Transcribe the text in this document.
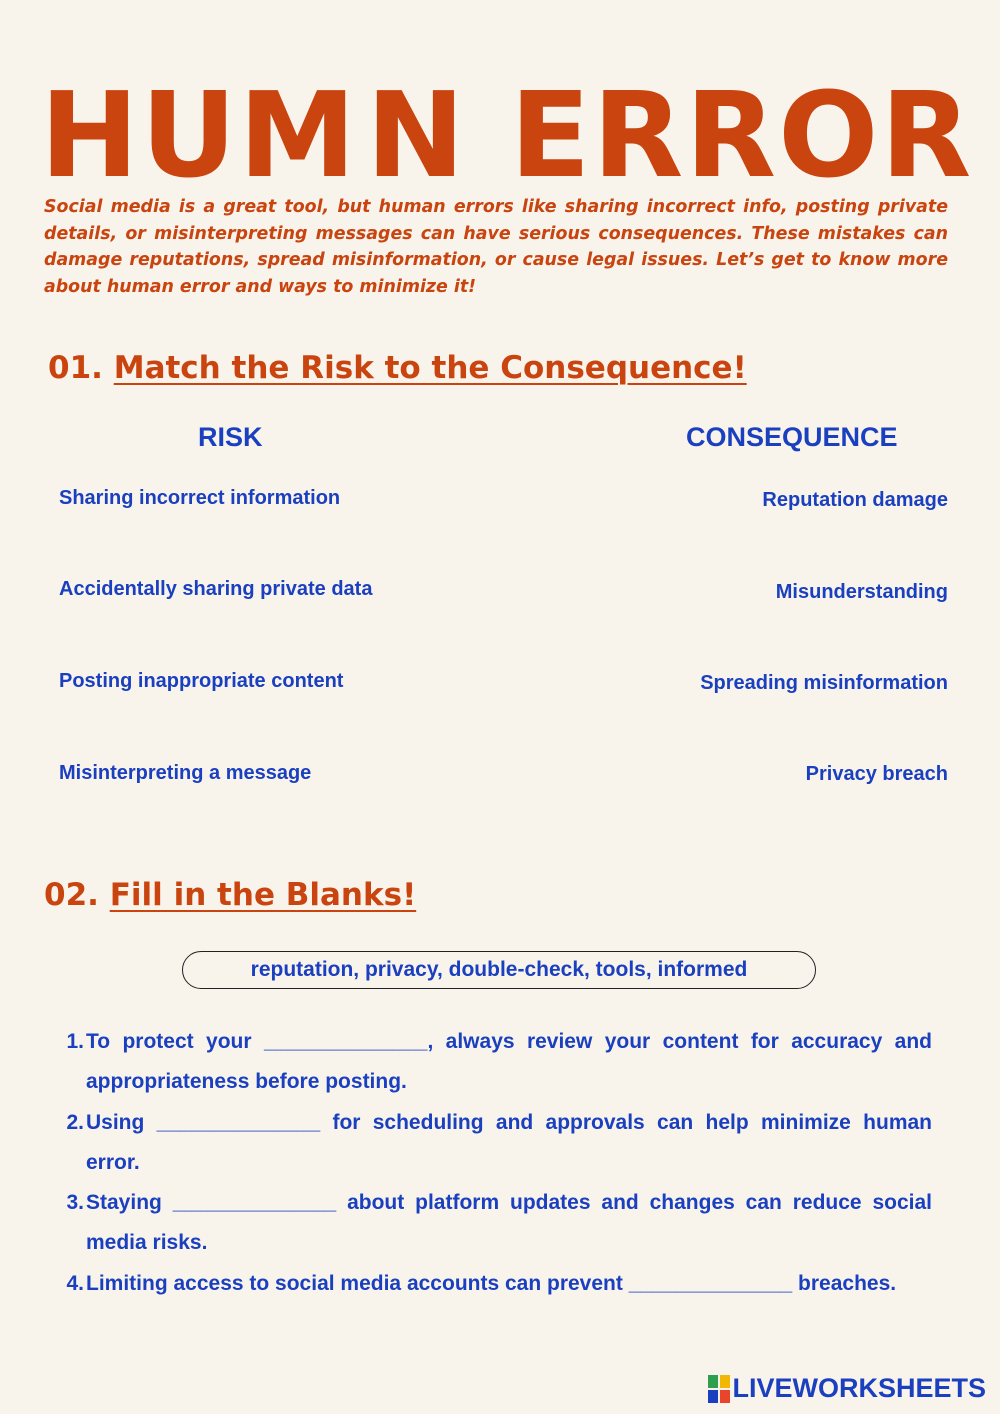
HUM N ERROR
Social media is a great tool, but human errors like sharing incorrect info, posting private details, or misinterpreting messages can have serious consequences. These mistakes can damage reputations, spread misinformation, or cause legal issues. Let’s get to know more about human error and ways to minimize it!
01. Match the Risk to the Consequence!
RISK	CONSEQUENCE
Sharing incorrect information
Accidentally sharing private data
Posting inappropriate content
Misinterpreting a message
Reputation damage
Misunderstanding
Spreading misinformation
Privacy breach
02. Fill in the Blanks!
reputation, privacy, double-check, tools, informed
1. To protect your ______________, always review your content for accuracy and appropriateness before posting.
2. Using ______________ for scheduling and approvals can help minimize human error.
3. Staying ______________ about platform updates and changes can reduce social media risks.
4. Limiting access to social media accounts can prevent ______________ breaches.
LIVEWORKSHEETS
